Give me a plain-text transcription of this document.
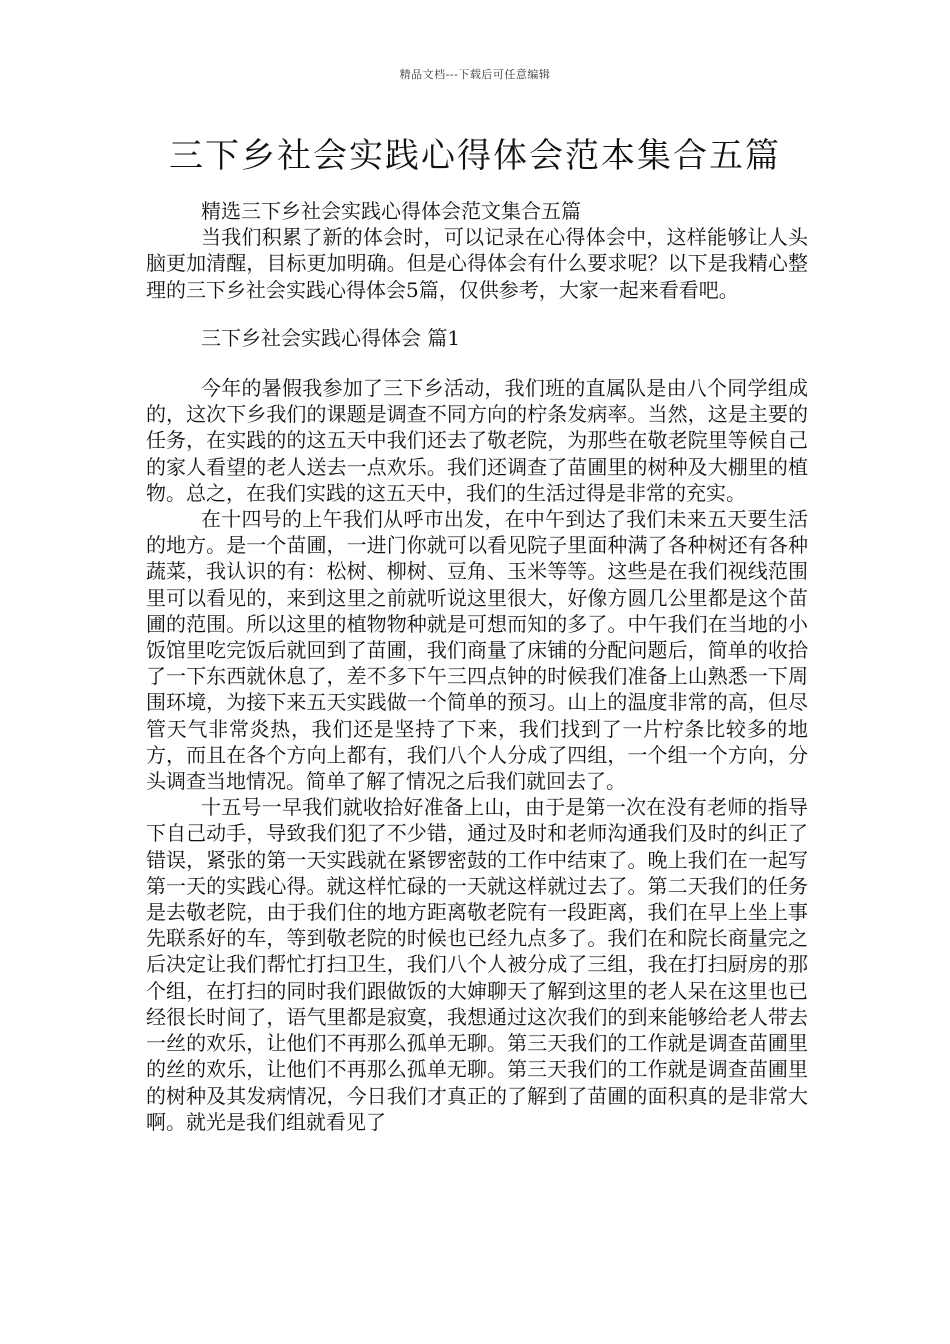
精品文档---下载后可任意编辑
三下乡社会实践心得体会范本集合五篇

精选三下乡社会实践心得体会范文集合五篇

当我们积累了新的体会时，可以记录在心得体会中，这样能够让人头脑更加清醒，目标更加明确。但是心得体会有什么要求呢？以下是我精心整理的三下乡社会实践心得体会5篇，仅供参考，大家一起来看看吧。

三下乡社会实践心得体会 篇1

今年的暑假我参加了三下乡活动，我们班的直属队是由八个同学组成的，这次下乡我们的课题是调查不同方向的柠条发病率。当然，这是主要的任务，在实践的的这五天中我们还去了敬老院，为那些在敬老院里等候自己的家人看望的老人送去一点欢乐。我们还调查了苗圃里的树种及大棚里的植物。总之，在我们实践的这五天中，我们的生活过得是非常的充实。

在十四号的上午我们从呼市出发，在中午到达了我们未来五天要生活的地方。是一个苗圃，一进门你就可以看见院子里面种满了各种树还有各种蔬菜，我认识的有：松树、柳树、豆角、玉米等等。这些是在我们视线范围里可以看见的，来到这里之前就听说这里很大，好像方圆几公里都是这个苗圃的范围。所以这里的植物物种就是可想而知的多了。中午我们在当地的小饭馆里吃完饭后就回到了苗圃，我们商量了床铺的分配问题后，简单的收拾了一下东西就休息了，差不多下午三四点钟的时候我们准备上山熟悉一下周围环境，为接下来五天实践做一个简单的预习。山上的温度非常的高，但尽管天气非常炎热，我们还是坚持了下来，我们找到了一片柠条比较多的地方，而且在各个方向上都有，我们八个人分成了四组，一个组一个方向，分头调查当地情况。简单了解了情况之后我们就回去了。

十五号一早我们就收拾好准备上山，由于是第一次在没有老师的指导下自己动手，导致我们犯了不少错，通过及时和老师沟通我们及时的纠正了错误，紧张的第一天实践就在紧锣密鼓的工作中结束了。晚上我们在一起写第一天的实践心得。就这样忙碌的一天就这样就过去了。第二天我们的任务是去敬老院，由于我们住的地方距离敬老院有一段距离，我们在早上坐上事先联系好的车，等到敬老院的时候也已经九点多了。我们在和院长商量完之后决定让我们帮忙打扫卫生，我们八个人被分成了三组，我在打扫厨房的那个组，在打扫的同时我们跟做饭的大婶聊天了解到这里的老人呆在这里也已经很长时间了，语气里都是寂寞，我想通过这次我们的到来能够给老人带去一丝的欢乐，让他们不再那么孤单无聊。第三天我们的工作就是调查苗圃里的丝的欢乐，让他们不再那么孤单无聊。第三天我们的工作就是调查苗圃里的树种及其发病情况，今日我们才真正的了解到了苗圃的面积真的是非常大啊。就光是我们组就看见了
